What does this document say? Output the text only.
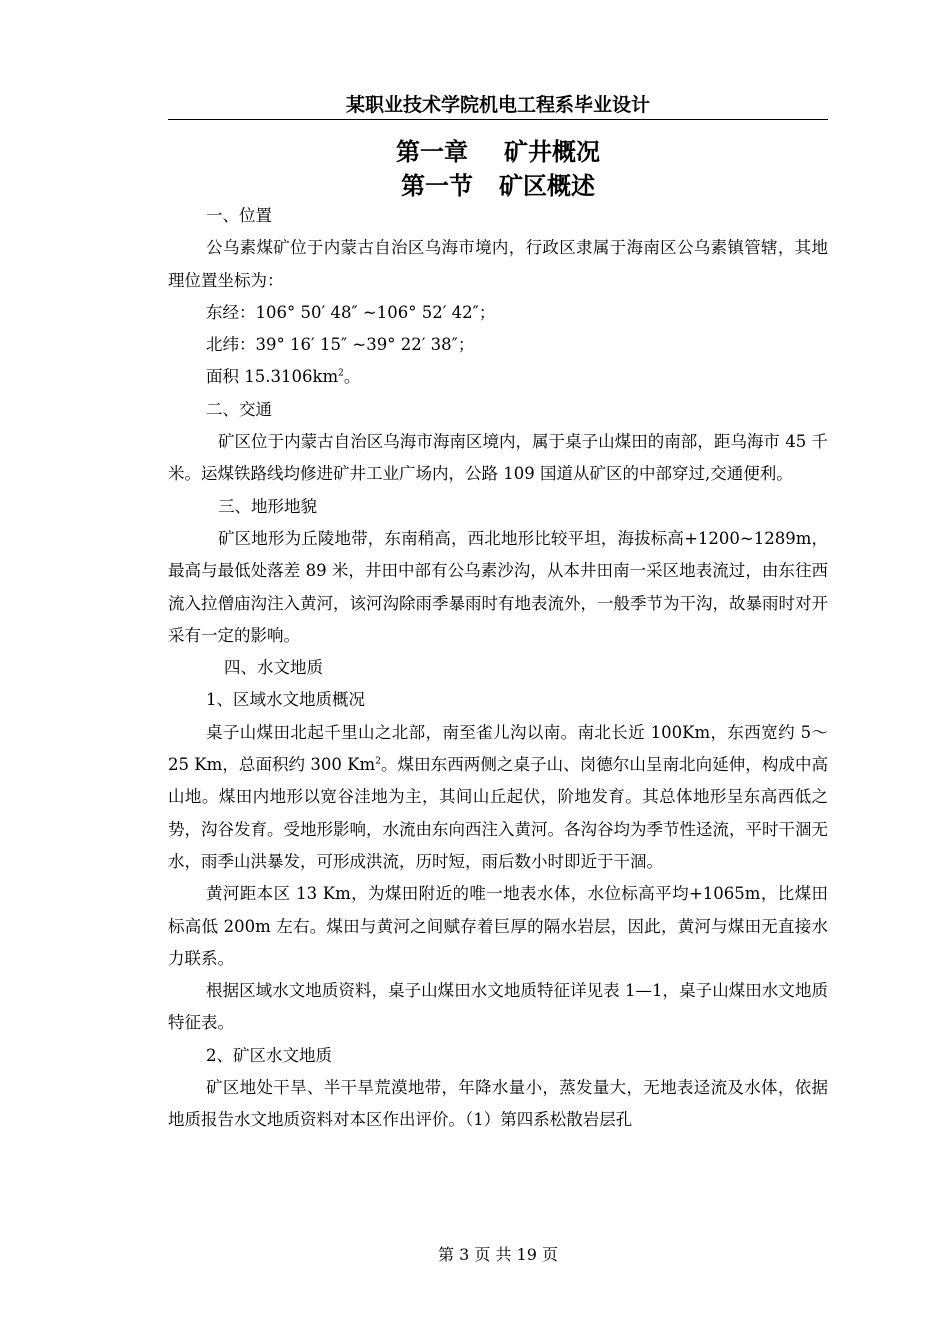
某职业技术学院机电工程系毕业设计
第一章 矿井概况
第一节 矿区概述

一、位置

公乌素煤矿位于内蒙古自治区乌海市境内，行政区隶属于海南区公乌素镇管辖，其地理位置坐标为：

东经：106° 50′ 48″ ~106° 52′ 42″；

北纬：39° 16′ 15″ ~39° 22′ 38″；

面积 $15.3106km^2$。

二、交通

矿区位于内蒙古自治区乌海市海南区境内，属于桌子山煤田的南部，距乌海市 45 千米。运煤铁路线均修进矿井工业广场内，公路 109 国道从矿区的中部穿过,交通便利。

三、地形地貌

矿区地形为丘陵地带，东南稍高，西北地形比较平坦，海拔标高+1200~1289m，最高与最低处落差 89 米，井田中部有公乌素沙沟，从本井田南一采区地表流过，由东往西流入拉僧庙沟注入黄河，该河沟除雨季暴雨时有地表流外，一般季节为干沟，故暴雨时对开采有一定的影响。

四、水文地质

1、区域水文地质概况

桌子山煤田北起千里山之北部，南至雀儿沟以南。南北长近 100Km，东西宽约 5～25 Km，总面积约 300 Km$^2$。煤田东西两侧之桌子山、岗德尔山呈南北向延伸，构成中高山地。煤田内地形以宽谷洼地为主，其间山丘起伏，阶地发育。其总体地形呈东高西低之势，沟谷发育。受地形影响，水流由东向西注入黄河。各沟谷均为季节性迳流，平时干涸无水，雨季山洪暴发，可形成洪流，历时短，雨后数小时即近于干涸。

黄河距本区 13 Km，为煤田附近的唯一地表水体，水位标高平均+1065m，比煤田标高低 200m 左右。煤田与黄河之间赋存着巨厚的隔水岩层，因此，黄河与煤田无直接水力联系。

根据区域水文地质资料，桌子山煤田水文地质特征详见表 1—1，桌子山煤田水文地质特征表。

2、矿区水文地质

矿区地处干旱、半干旱荒漠地带，年降水量小，蒸发量大，无地表迳流及水体，依据地质报告水文地质资料对本区作出评价。（1）第四系松散岩层孔

第 3 页 共 19 页
